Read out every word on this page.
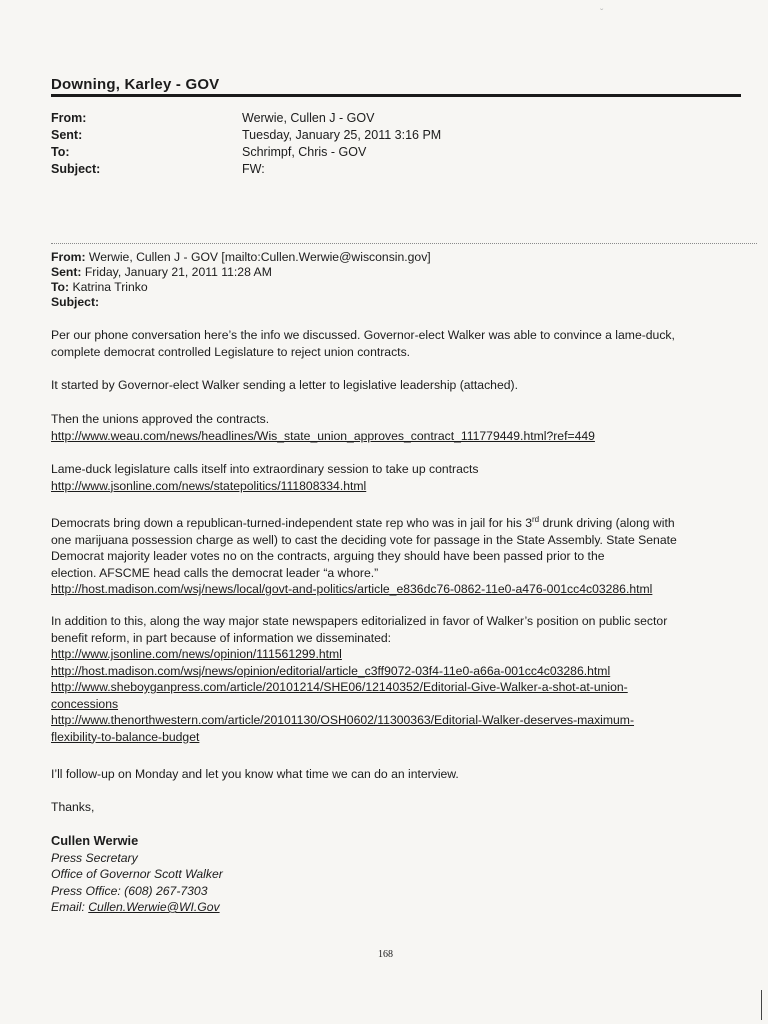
ˇ
Downing, Karley - GOV
From:	Werwie, Cullen J - GOV
Sent:	Tuesday, January 25, 2011 3:16 PM
To:	Schrimpf, Chris - GOV
Subject:	FW:
From: Werwie, Cullen J - GOV [mailto:Cullen.Werwie@wisconsin.gov]
Sent: Friday, January 21, 2011 11:28 AM
To: Katrina Trinko
Subject:
Per our phone conversation here’s the info we discussed. Governor-elect Walker was able to convince a lame-duck,
complete democrat controlled Legislature to reject union contracts.
It started by Governor-elect Walker sending a letter to legislative leadership (attached).
Then the unions approved the contracts.
http://www.weau.com/news/headlines/Wis_state_union_approves_contract_111779449.html?ref=449
Lame-duck legislature calls itself into extraordinary session to take up contracts
http://www.jsonline.com/news/statepolitics/111808334.html
Democrats bring down a republican-turned-independent state rep who was in jail for his 3rd drunk driving (along with
one marijuana possession charge as well) to cast the deciding vote for passage in the State Assembly. State Senate
Democrat majority leader votes no on the contracts, arguing they should have been passed prior to the
election. AFSCME head calls the democrat leader “a whore.”
http://host.madison.com/wsj/news/local/govt-and-politics/article_e836dc76-0862-11e0-a476-001cc4c03286.html
In addition to this, along the way major state newspapers editorialized in favor of Walker’s position on public sector
benefit reform, in part because of information we disseminated:
http://www.jsonline.com/news/opinion/111561299.html
http://host.madison.com/wsj/news/opinion/editorial/article_c3ff9072-03f4-11e0-a66a-001cc4c03286.html
http://www.sheboyganpress.com/article/20101214/SHE06/12140352/Editorial-Give-Walker-a-shot-at-union-
concessions
http://www.thenorthwestern.com/article/20101130/OSH0602/11300363/Editorial-Walker-deserves-maximum-
flexibility-to-balance-budget
I’ll follow-up on Monday and let you know what time we can do an interview.
Thanks,
Cullen Werwie
Press Secretary
Office of Governor Scott Walker
Press Office: (608) 267-7303
Email: Cullen.Werwie@WI.Gov
168
